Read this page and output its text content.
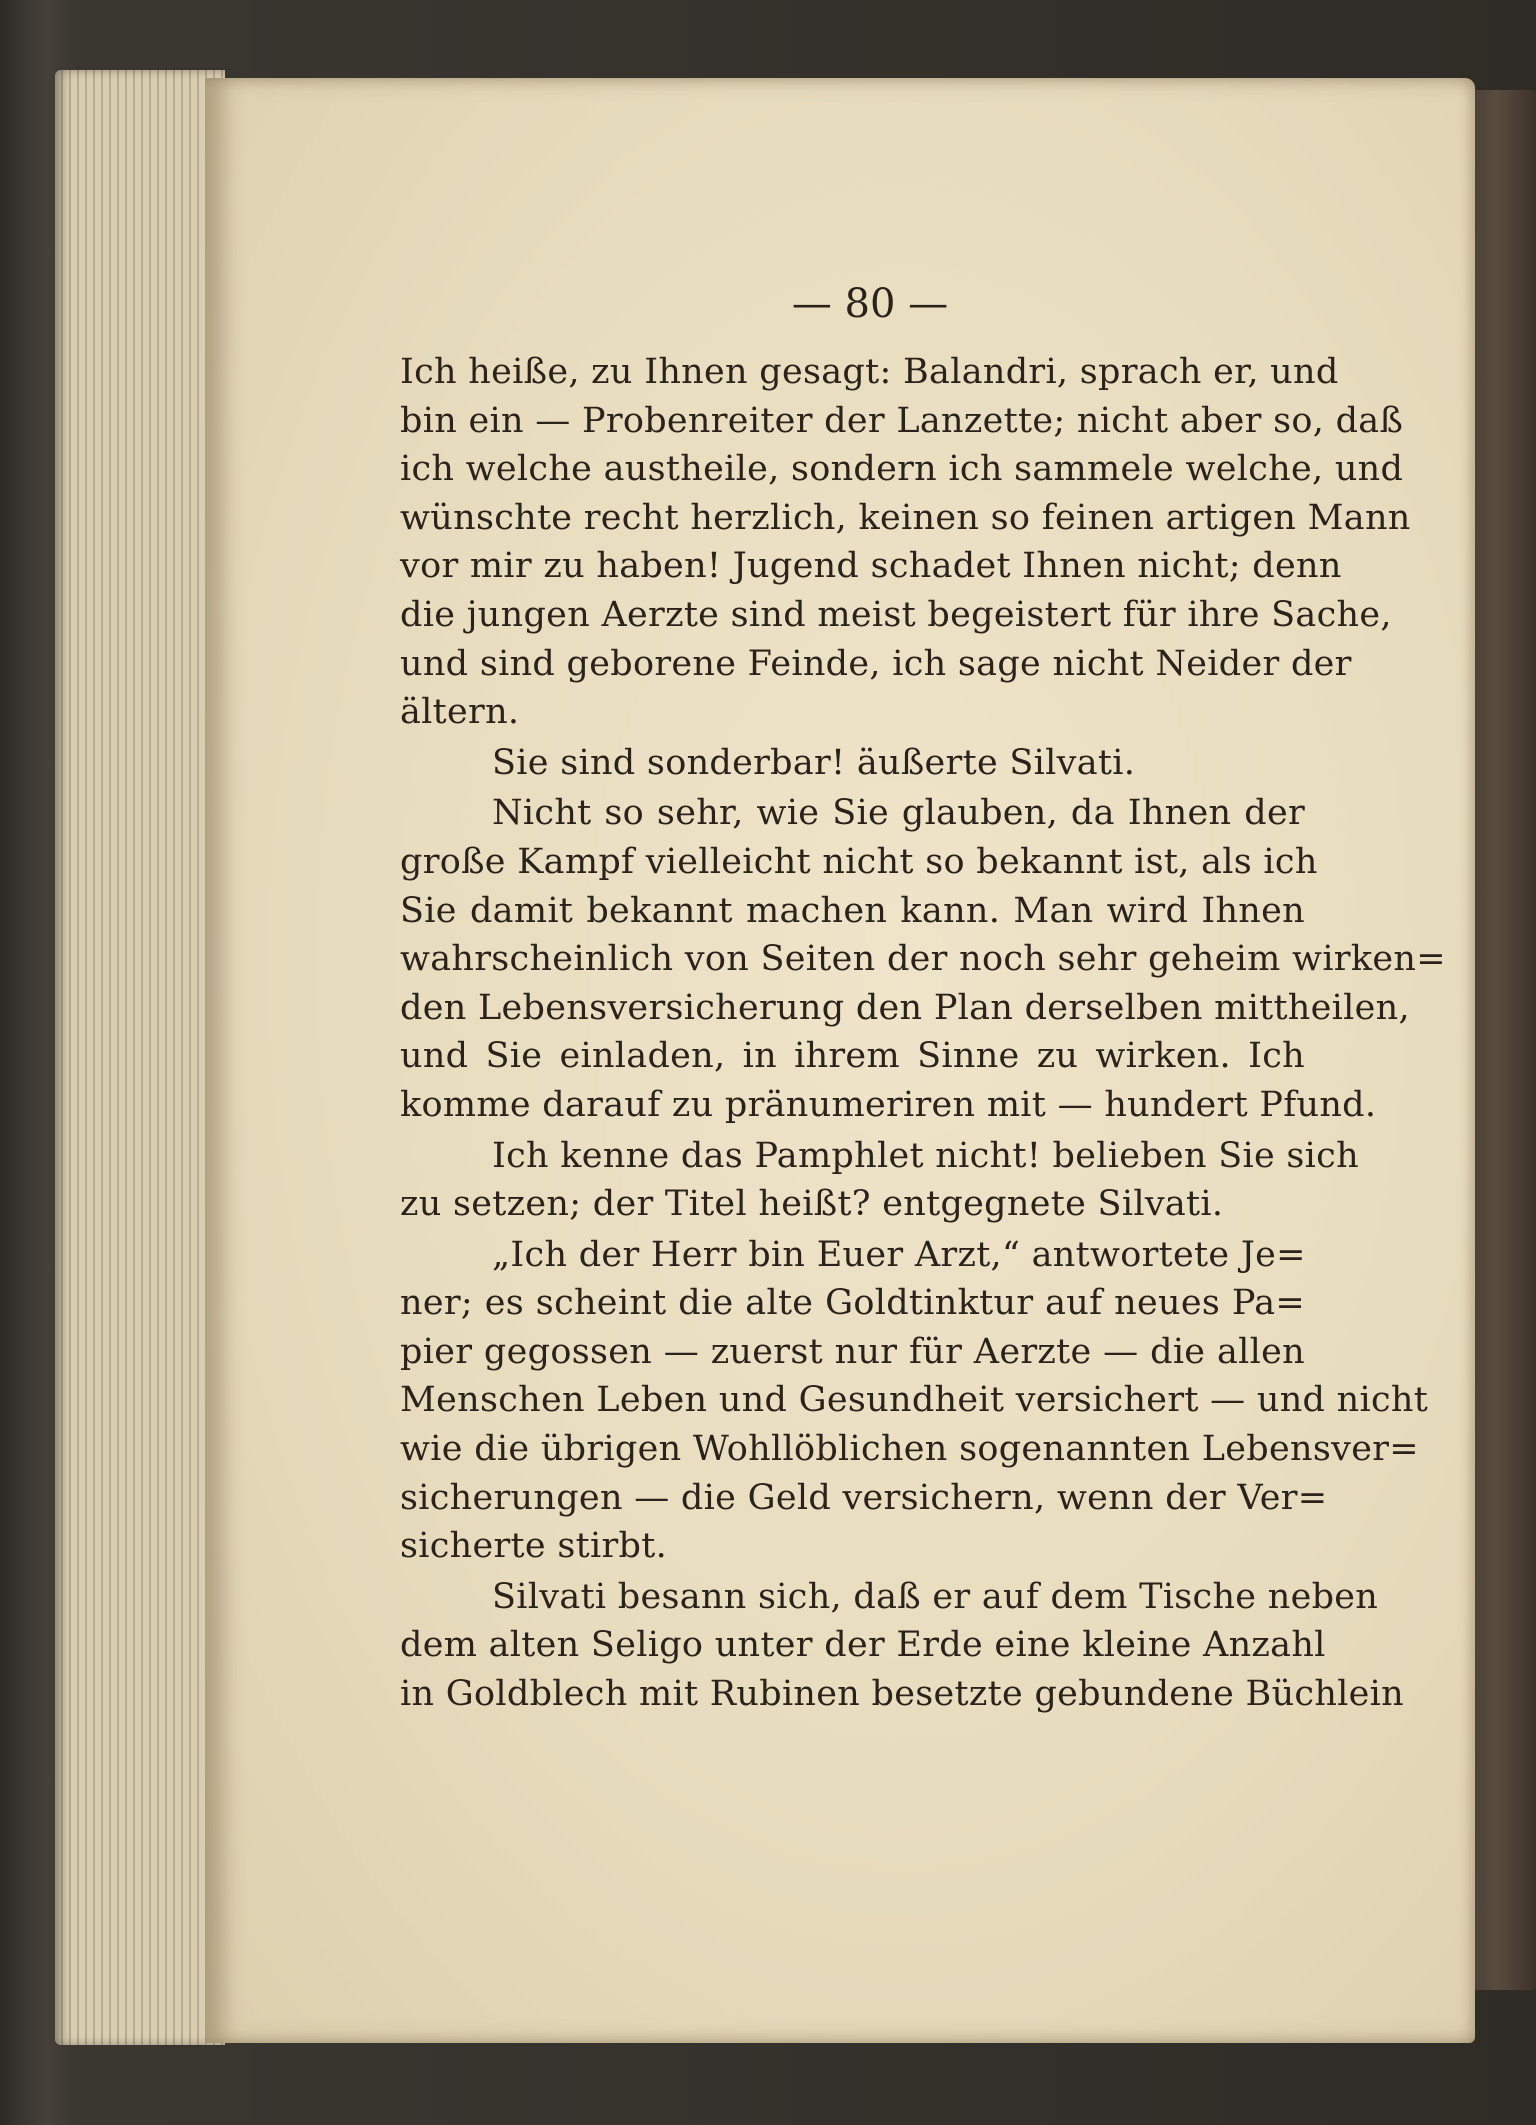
— 80 —
Ich heiße, zu Ihnen gesagt: Balandri, sprach er, und
bin ein — Probenreiter der Lanzette; nicht aber so, daß
ich welche austheile, sondern ich sammele welche, und
wünschte recht herzlich, keinen so feinen artigen Mann
vor mir zu haben! Jugend schadet Ihnen nicht; denn
die jungen Aerzte sind meist begeistert für ihre Sache,
und sind geborene Feinde, ich sage nicht Neider der
ältern.
Sie sind sonderbar! äußerte Silvati.
Nicht so sehr, wie Sie glauben, da Ihnen der
große Kampf vielleicht nicht so bekannt ist, als ich
Sie damit bekannt machen kann. Man wird Ihnen
wahrscheinlich von Seiten der noch sehr geheim wirken=
den Lebensversicherung den Plan derselben mittheilen,
und Sie einladen, in ihrem Sinne zu wirken. Ich
komme darauf zu pränumeriren mit — hundert Pfund.
Ich kenne das Pamphlet nicht! belieben Sie sich
zu setzen; der Titel heißt? entgegnete Silvati.
„Ich der Herr bin Euer Arzt,“ antwortete Je=
ner; es scheint die alte Goldtinktur auf neues Pa=
pier gegossen — zuerst nur für Aerzte — die allen
Menschen Leben und Gesundheit versichert — und nicht
wie die übrigen Wohllöblichen sogenannten Lebensver=
sicherungen — die Geld versichern, wenn der Ver=
sicherte stirbt.
Silvati besann sich, daß er auf dem Tische neben
dem alten Seligo unter der Erde eine kleine Anzahl
in Goldblech mit Rubinen besetzte gebundene Büchlein
